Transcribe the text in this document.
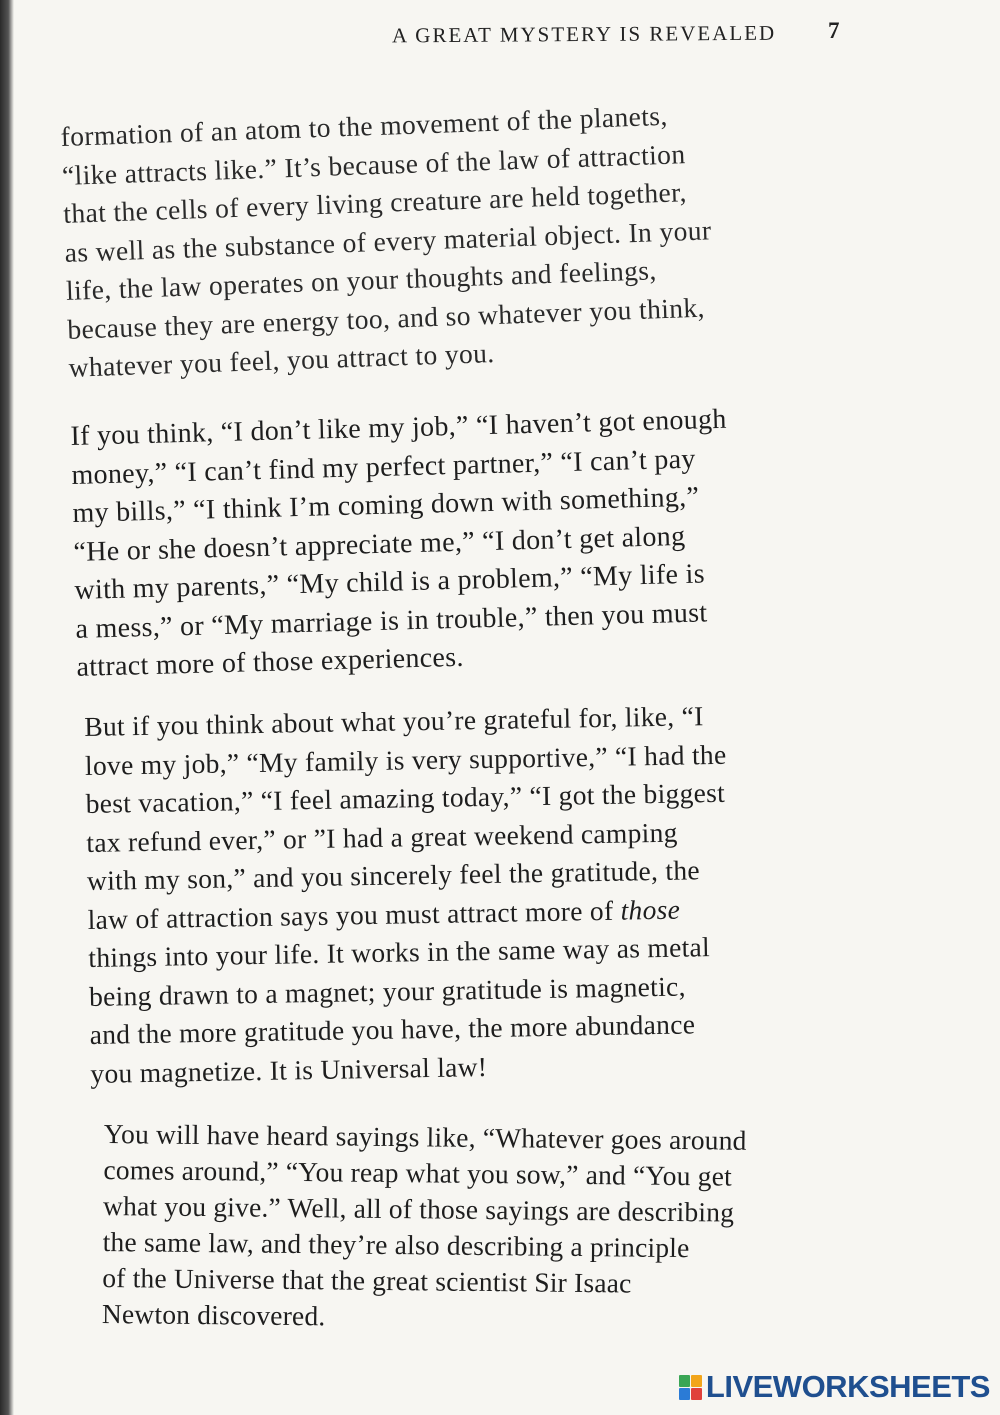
A GREAT MYSTERY IS REVEALED	7

formation of an atom to the movement of the planets,
“like attracts like.” It’s because of the law of attraction
that the cells of every living creature are held together,
as well as the substance of every material object. In your
life, the law operates on your thoughts and feelings,
because they are energy too, and so whatever you think,
whatever you feel, you attract to you.

If you think, “I don’t like my job,” “I haven’t got enough
money,” “I can’t find my perfect partner,” “I can’t pay
my bills,” “I think I’m coming down with something,”
“He or she doesn’t appreciate me,” “I don’t get along
with my parents,” “My child is a problem,” “My life is
a mess,” or “My marriage is in trouble,” then you must
attract more of those experiences.

But if you think about what you’re grateful for, like, “I
love my job,” “My family is very supportive,” “I had the
best vacation,” “I feel amazing today,” “I got the biggest
tax refund ever,” or ”I had a great weekend camping
with my son,” and you sincerely feel the gratitude, the
law of attraction says you must attract more of those
things into your life. It works in the same way as metal
being drawn to a magnet; your gratitude is magnetic,
and the more gratitude you have, the more abundance
you magnetize. It is Universal law!

You will have heard sayings like, “Whatever goes around
comes around,” “You reap what you sow,” and “You get
what you give.” Well, all of those sayings are describing
the same law, and they’re also describing a principle
of the Universe that the great scientist Sir Isaac
Newton discovered.

LIVEWORKSHEETS
